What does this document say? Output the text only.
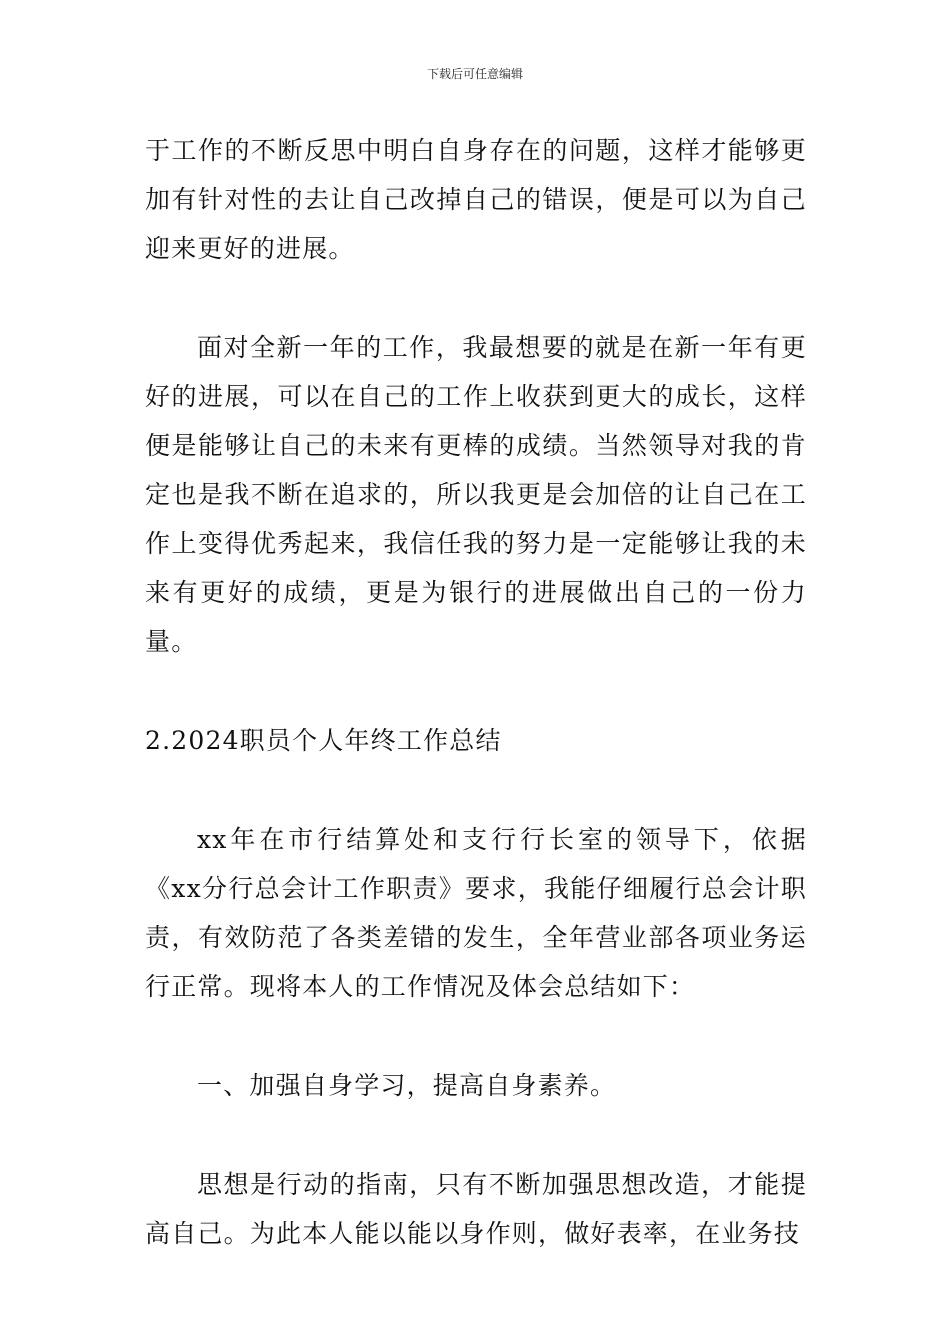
下载后可任意编辑

于工作的不断反思中明白自身存在的问题，这样才能够更加有针对性的去让自己改掉自己的错误，便是可以为自己迎来更好的进展。

面对全新一年的工作，我最想要的就是在新一年有更好的进展，可以在自己的工作上收获到更大的成长，这样便是能够让自己的未来有更棒的成绩。当然领导对我的肯定也是我不断在追求的，所以我更是会加倍的让自己在工作上变得优秀起来，我信任我的努力是一定能够让我的未来有更好的成绩，更是为银行的进展做出自己的一份力量。

2.2024职员个人年终工作总结

xx年在市行结算处和支行行长室的领导下，依据《xx分行总会计工作职责》要求，我能仔细履行总会计职责，有效防范了各类差错的发生，全年营业部各项业务运行正常。现将本人的工作情况及体会总结如下：

一、加强自身学习，提高自身素养。

思想是行动的指南，只有不断加强思想改造，才能提高自己。为此本人能以能以身作则，做好表率，在业务技
